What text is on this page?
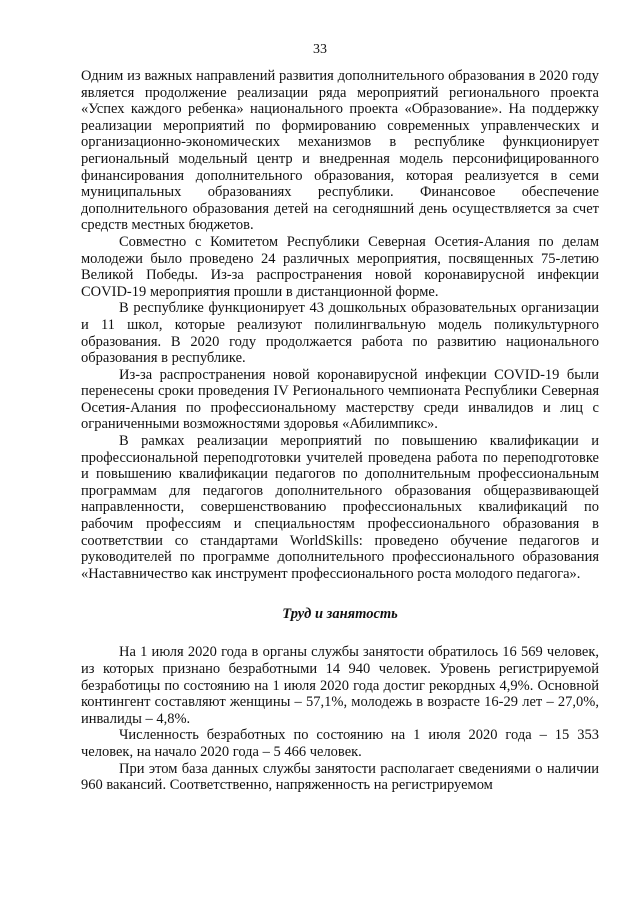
33

Одним из важных направлений развития дополнительного образования в 2020 году является продолжение реализации ряда мероприятий регионального проекта «Успех каждого ребенка» национального проекта «Образование». На поддержку реализации мероприятий по формированию современных управленческих и организационно-экономических механизмов в республике функционирует региональный модельный центр и внедренная модель персонифицированного финансирования дополнительного образования, которая реализуется в семи муниципальных образованиях республики. Финансовое обеспечение дополнительного образования детей на сегодняшний день осуществляется за счет средств местных бюджетов.

Совместно с Комитетом Республики Северная Осетия-Алания по делам молодежи было проведено 24 различных мероприятия, посвященных 75-летию Великой Победы. Из-за распространения новой коронавирусной инфекции COVID-19 мероприятия прошли в дистанционной форме.

В республике функционирует 43 дошкольных образовательных организации и 11 школ, которые реализуют полилингвальную модель поликультурного образования. В 2020 году продолжается работа по развитию национального образования в республике.

Из-за распространения новой коронавирусной инфекции COVID-19 были перенесены сроки проведения IV Регионального чемпионата Республики Северная Осетия-Алания по профессиональному мастерству среди инвалидов и лиц с ограниченными возможностями здоровья «Абилимпикс».

В рамках реализации мероприятий по повышению квалификации и профессиональной переподготовки учителей проведена работа по переподготовке и повышению квалификации педагогов по дополнительным профессиональным программам для педагогов дополнительного образования общеразвивающей направленности, совершенствованию профессиональных квалификаций по рабочим профессиям и специальностям профессионального образования в соответствии со стандартами WorldSkills: проведено обучение педагогов и руководителей по программе дополнительного профессионального образования «Наставничество как инструмент профессионального роста молодого педагога».

Труд и занятость

На 1 июля 2020 года в органы службы занятости обратилось 16 569 человек, из которых признано безработными 14 940 человек. Уровень регистрируемой безработицы по состоянию на 1 июля 2020 года достиг рекордных 4,9%. Основной контингент составляют женщины – 57,1%, молодежь в возрасте 16-29 лет – 27,0%, инвалиды – 4,8%.

Численность безработных по состоянию на 1 июля 2020 года – 15 353 человек, на начало 2020 года – 5 466 человек.

При этом база данных службы занятости располагает сведениями о наличии 960 вакансий. Соответственно, напряженность на регистрируемом
